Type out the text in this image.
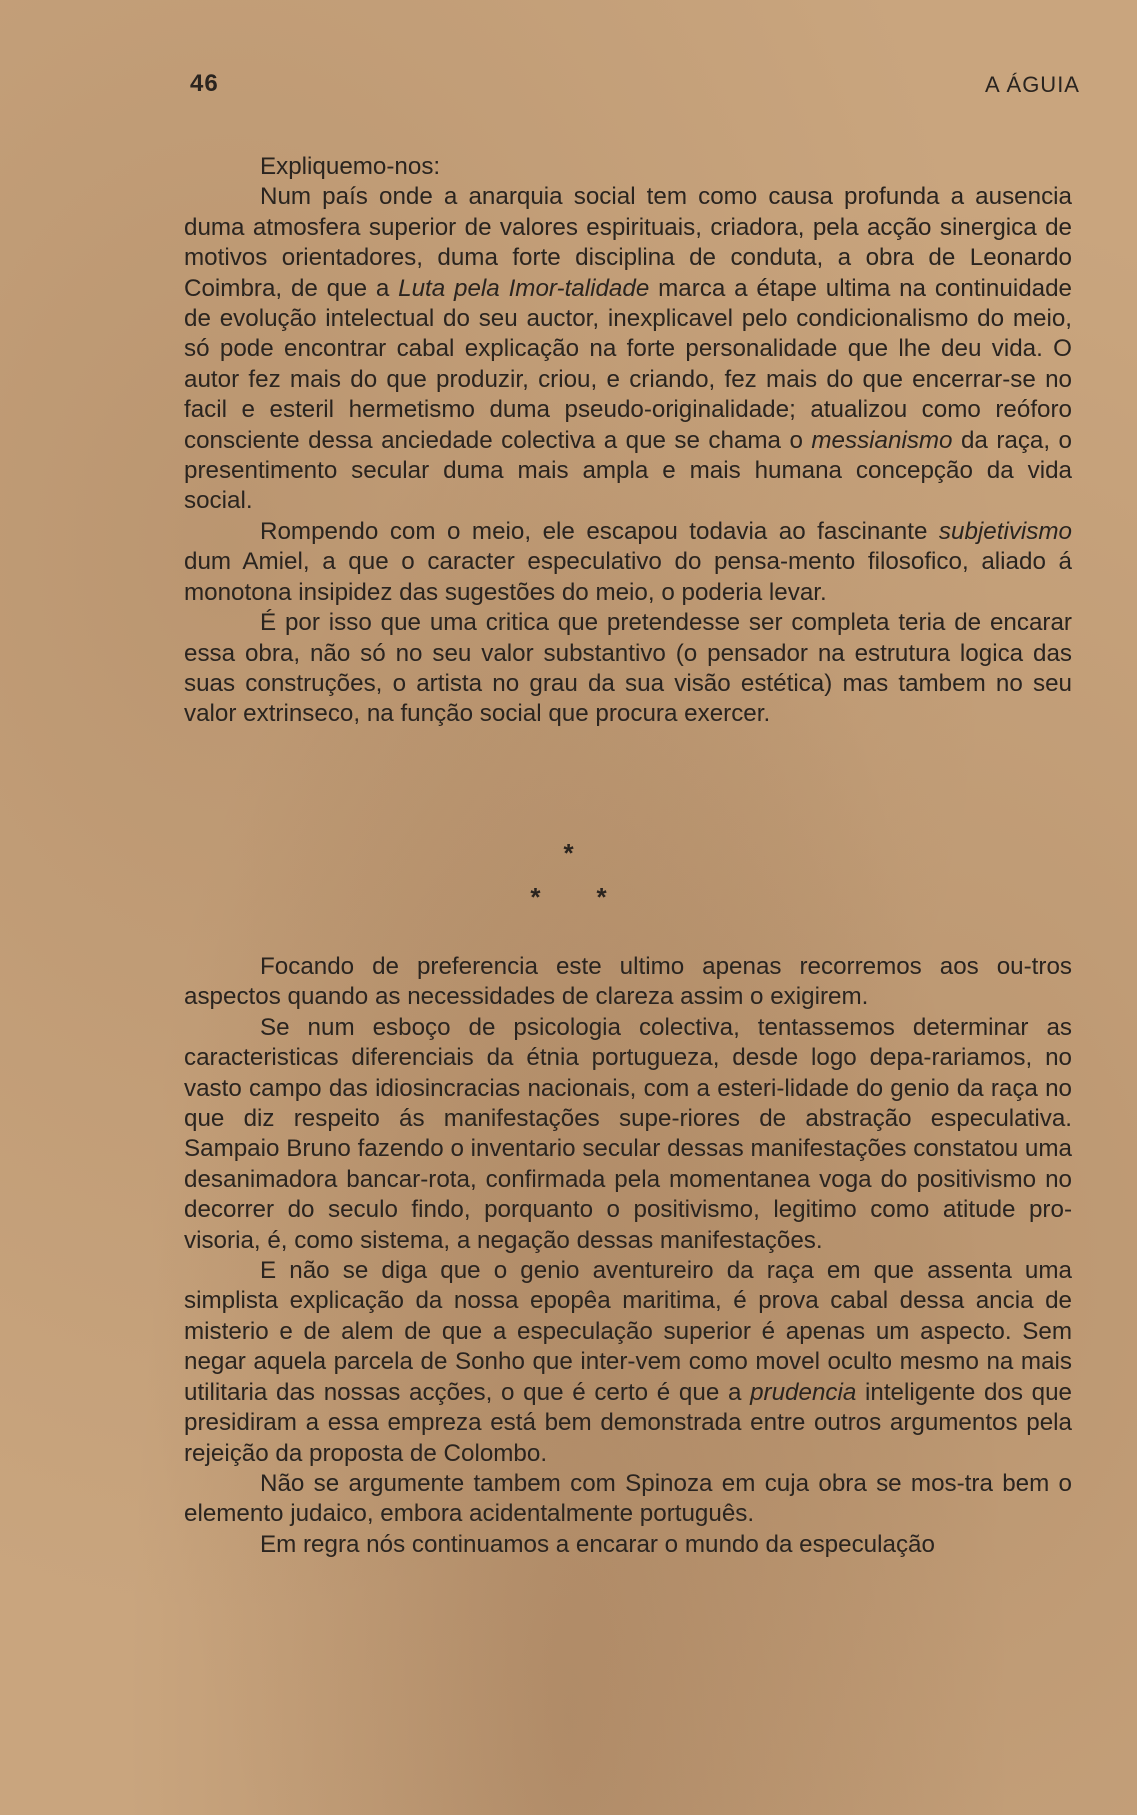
46	A ÁGUIA

Expliquemo-nos:

Num país onde a anarquia social tem como causa profunda a ausencia duma atmosfera superior de valores espirituais, criadora, pela acção sinergica de motivos orientadores, duma forte disciplina de conduta, a obra de Leonardo Coimbra, de que a Luta pela Imor-talidade marca a étape ultima na continuidade de evolução intelectual do seu auctor, inexplicavel pelo condicionalismo do meio, só pode encontrar cabal explicação na forte personalidade que lhe deu vida. O autor fez mais do que produzir, criou, e criando, fez mais do que encerrar-se no facil e esteril hermetismo duma pseudo-originalidade; atualizou como reóforo consciente dessa anciedade colectiva a que se chama o messianismo da raça, o presentimento secular duma mais ampla e mais humana concepção da vida social.

Rompendo com o meio, ele escapou todavia ao fascinante subjetivismo dum Amiel, a que o caracter especulativo do pensa-mento filosofico, aliado á monotona insipidez das sugestões do meio, o poderia levar.

É por isso que uma critica que pretendesse ser completa teria de encarar essa obra, não só no seu valor substantivo (o pensador na estrutura logica das suas construções, o artista no grau da sua visão estética) mas tambem no seu valor extrinseco, na função social que procura exercer.

*
* *

Focando de preferencia este ultimo apenas recorremos aos ou-tros aspectos quando as necessidades de clareza assim o exigirem.

Se num esboço de psicologia colectiva, tentassemos determinar as caracteristicas diferenciais da étnia portugueza, desde logo depa-rariamos, no vasto campo das idiosincracias nacionais, com a esteri-lidade do genio da raça no que diz respeito ás manifestações supe-riores de abstração especulativa. Sampaio Bruno fazendo o inventario secular dessas manifestações constatou uma desanimadora bancar-rota, confirmada pela momentanea voga do positivismo no decorrer do seculo findo, porquanto o positivismo, legitimo como atitude pro-visoria, é, como sistema, a negação dessas manifestações.

E não se diga que o genio aventureiro da raça em que assenta uma simplista explicação da nossa epopêa maritima, é prova cabal dessa ancia de misterio e de alem de que a especulação superior é apenas um aspecto. Sem negar aquela parcela de Sonho que inter-vem como movel oculto mesmo na mais utilitaria das nossas acções, o que é certo é que a prudencia inteligente dos que presidiram a essa empreza está bem demonstrada entre outros argumentos pela rejeição da proposta de Colombo.

Não se argumente tambem com Spinoza em cuja obra se mos-tra bem o elemento judaico, embora acidentalmente português.

Em regra nós continuamos a encarar o mundo da especulação
